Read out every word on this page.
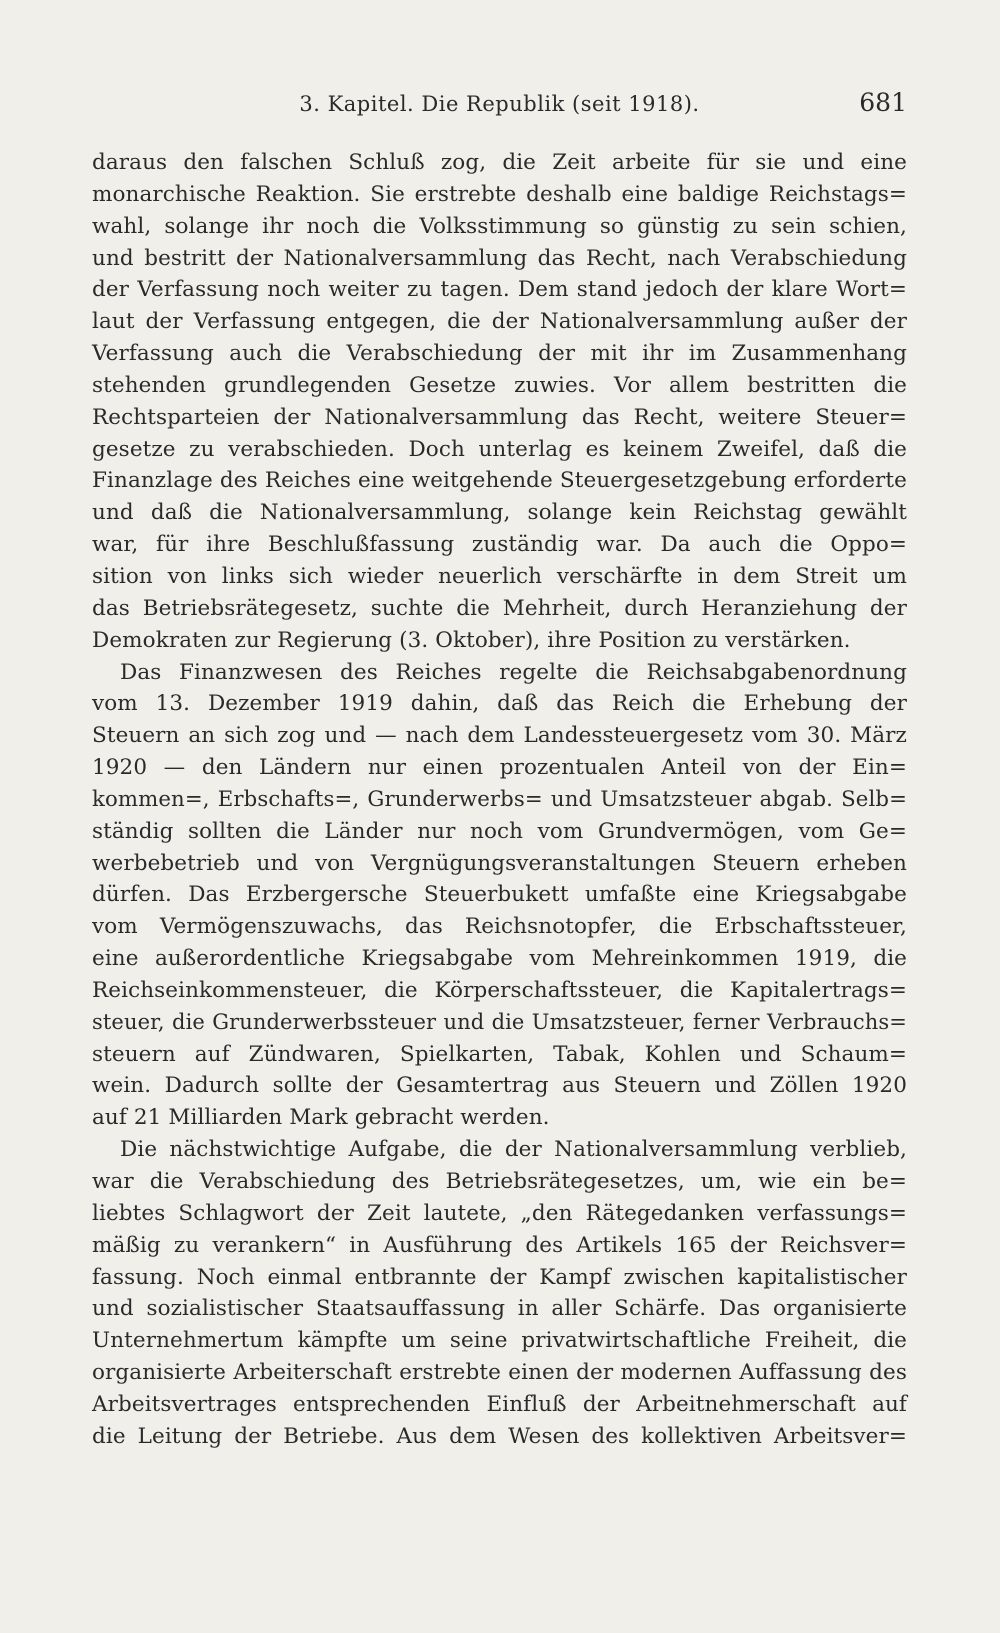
3. Kapitel. Die Republik (seit 1918).	681
daraus den falschen Schluß zog, die Zeit arbeite für sie und eine
monarchische Reaktion. Sie erstrebte deshalb eine baldige Reichstags=
wahl, solange ihr noch die Volksstimmung so günstig zu sein schien,
und bestritt der Nationalversammlung das Recht, nach Verabschiedung
der Verfassung noch weiter zu tagen. Dem stand jedoch der klare Wort=
laut der Verfassung entgegen, die der Nationalversammlung außer der
Verfassung auch die Verabschiedung der mit ihr im Zusammenhang
stehenden grundlegenden Gesetze zuwies. Vor allem bestritten die
Rechtsparteien der Nationalversammlung das Recht, weitere Steuer=
gesetze zu verabschieden. Doch unterlag es keinem Zweifel, daß die
Finanzlage des Reiches eine weitgehende Steuergesetzgebung erforderte
und daß die Nationalversammlung, solange kein Reichstag gewählt
war, für ihre Beschlußfassung zuständig war. Da auch die Oppo=
sition von links sich wieder neuerlich verschärfte in dem Streit um
das Betriebsrätegesetz, suchte die Mehrheit, durch Heranziehung der
Demokraten zur Regierung (3. Oktober), ihre Position zu verstärken.
Das Finanzwesen des Reiches regelte die Reichsabgabenordnung
vom 13. Dezember 1919 dahin, daß das Reich die Erhebung der
Steuern an sich zog und — nach dem Landessteuergesetz vom 30. März
1920 — den Ländern nur einen prozentualen Anteil von der Ein=
kommen=, Erbschafts=, Grunderwerbs= und Umsatzsteuer abgab. Selb=
ständig sollten die Länder nur noch vom Grundvermögen, vom Ge=
werbebetrieb und von Vergnügungsveranstaltungen Steuern erheben
dürfen. Das Erzbergersche Steuerbukett umfaßte eine Kriegsabgabe
vom Vermögenszuwachs, das Reichsnotopfer, die Erbschaftssteuer,
eine außerordentliche Kriegsabgabe vom Mehreinkommen 1919, die
Reichseinkommensteuer, die Körperschaftssteuer, die Kapitalertrags=
steuer, die Grunderwerbssteuer und die Umsatzsteuer, ferner Verbrauchs=
steuern auf Zündwaren, Spielkarten, Tabak, Kohlen und Schaum=
wein. Dadurch sollte der Gesamtertrag aus Steuern und Zöllen 1920
auf 21 Milliarden Mark gebracht werden.
Die nächstwichtige Aufgabe, die der Nationalversammlung verblieb,
war die Verabschiedung des Betriebsrätegesetzes, um, wie ein be=
liebtes Schlagwort der Zeit lautete, „den Rätegedanken verfassungs=
mäßig zu verankern“ in Ausführung des Artikels 165 der Reichsver=
fassung. Noch einmal entbrannte der Kampf zwischen kapitalistischer
und sozialistischer Staatsauffassung in aller Schärfe. Das organisierte
Unternehmertum kämpfte um seine privatwirtschaftliche Freiheit, die
organisierte Arbeiterschaft erstrebte einen der modernen Auffassung des
Arbeitsvertrages entsprechenden Einfluß der Arbeitnehmerschaft auf
die Leitung der Betriebe. Aus dem Wesen des kollektiven Arbeitsver=
